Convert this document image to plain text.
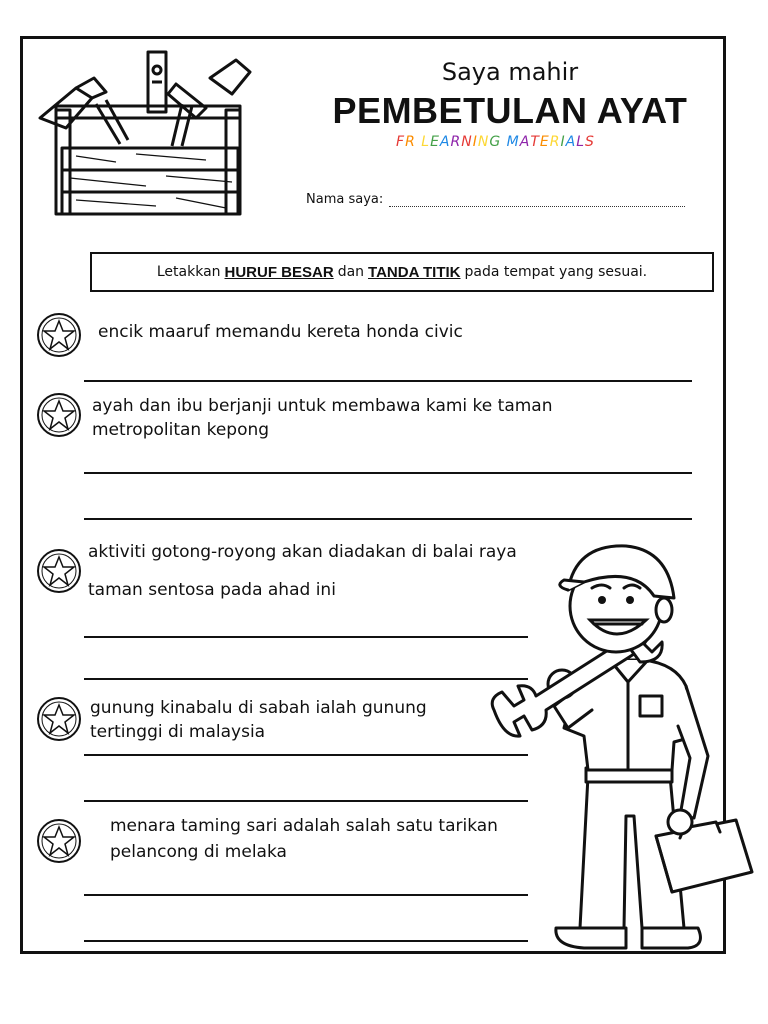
Saya mahir
PEMBETULAN AYAT
FR LEARNING MATERIALS
Nama saya:
Letakkan HURUF BESAR dan TANDA TITIK pada tempat yang sesuai.
encik maaruf memandu kereta honda civic
ayah dan ibu berjanji untuk membawa kami ke taman
metropolitan kepong
aktiviti gotong-royong akan diadakan di balai raya
taman sentosa pada ahad ini
gunung kinabalu di sabah ialah gunung
tertinggi di malaysia
menara taming sari adalah salah satu tarikan
pelancong di melaka
